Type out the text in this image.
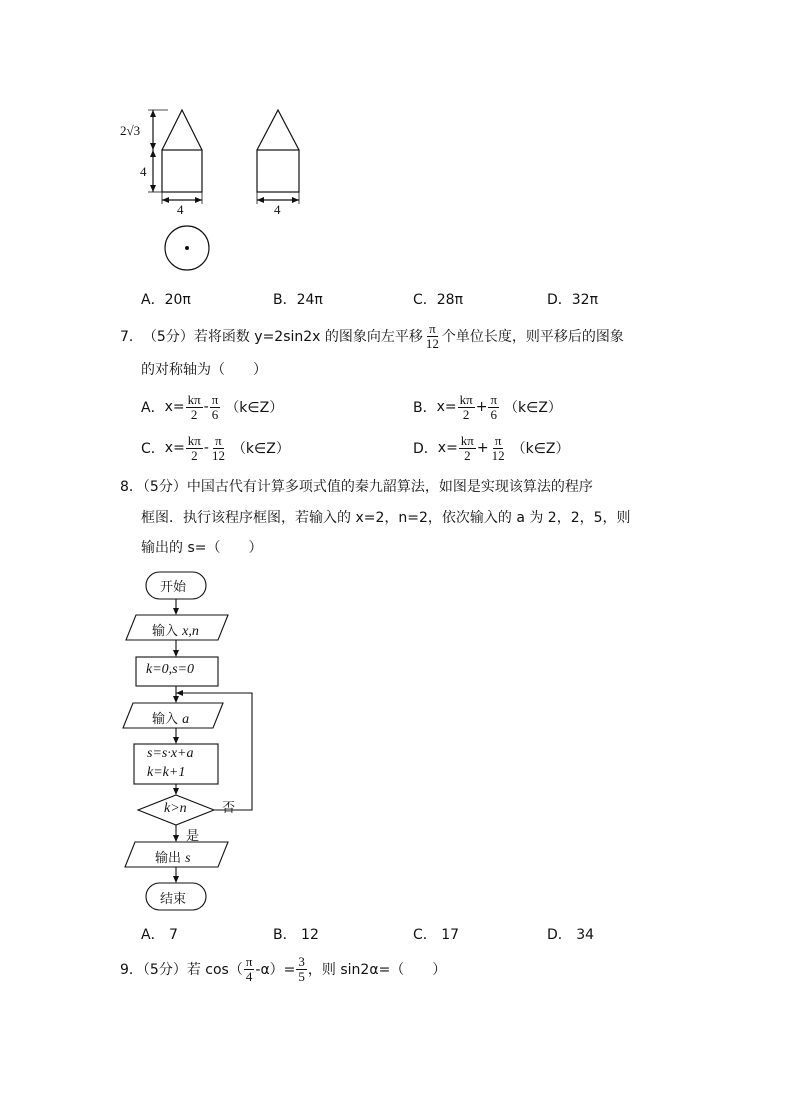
2√3
4
4	4
A．20π	B．24π	C．28π	D．32π
7． （5分） 若将函数 y=2sin2x 的图象向左平移 $\frac{\pi}{12}$ 个单位长度，则平移后的图象
的对称轴为（　　）
A． $x= \frac{k\pi}{2} - \frac{\pi}{6}$ （k∈Z）	B． $x= \frac{k\pi}{2} + \frac{\pi}{6}$ （k∈Z）
C． $x= \frac{k\pi}{2} - \frac{\pi}{12}$ （k∈Z）	D． $x= \frac{k\pi}{2} + \frac{\pi}{12}$ （k∈Z）
8．（5分）中国古代有计算多项式值的秦九韶算法，如图是实现该算法的程序
框图．执行该程序框图，若输入的 x=2，n=2，依次输入的 a 为 2，2，5，则
输出的 s=（　　）
开始
输入 x,n
k=0,s=0
输入 a
s=s·x+a
k=k+1
k>n	否
是
输出 s
结束
A． 7	B． 12	C． 17	D． 34
9．（5分）若 $\cos( \frac{\pi}{4} -\alpha)= \frac{3}{5}$ ，则 sin2α=（　　）
